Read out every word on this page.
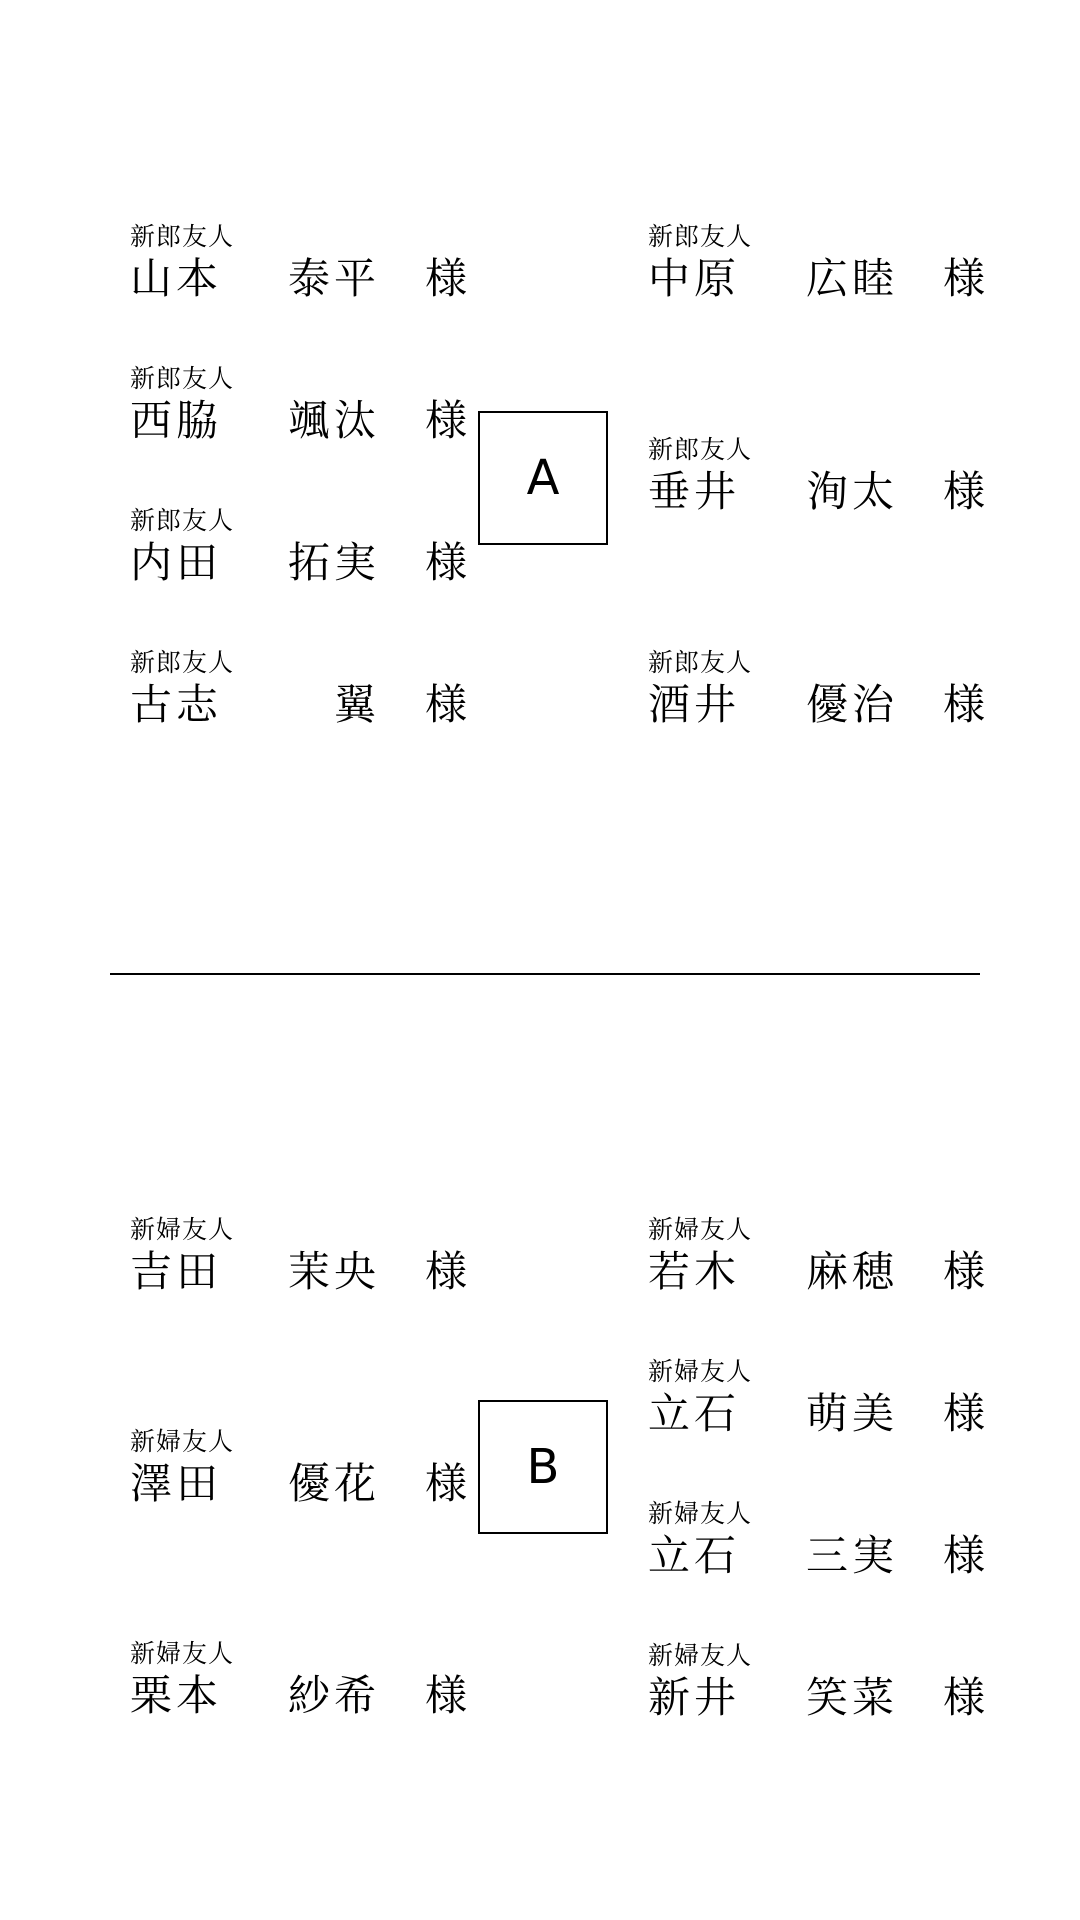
新郎友人
山本 泰平 様
新郎友人
西脇 颯汰 様
新郎友人
内田 拓実 様
新郎友人
古志	翼 様
A
新郎友人
中原 広睦 様
新郎友人
垂井 洵太 様
新郎友人
酒井 優治 様
新婦友人
吉田 茉央 様
新婦友人
澤田 優花 様
新婦友人
栗本 紗希 様
B
新婦友人
若木 麻穂 様
新婦友人
立石 萌美 様
新婦友人
立石 三実 様
新婦友人
新井 笑菜 様
